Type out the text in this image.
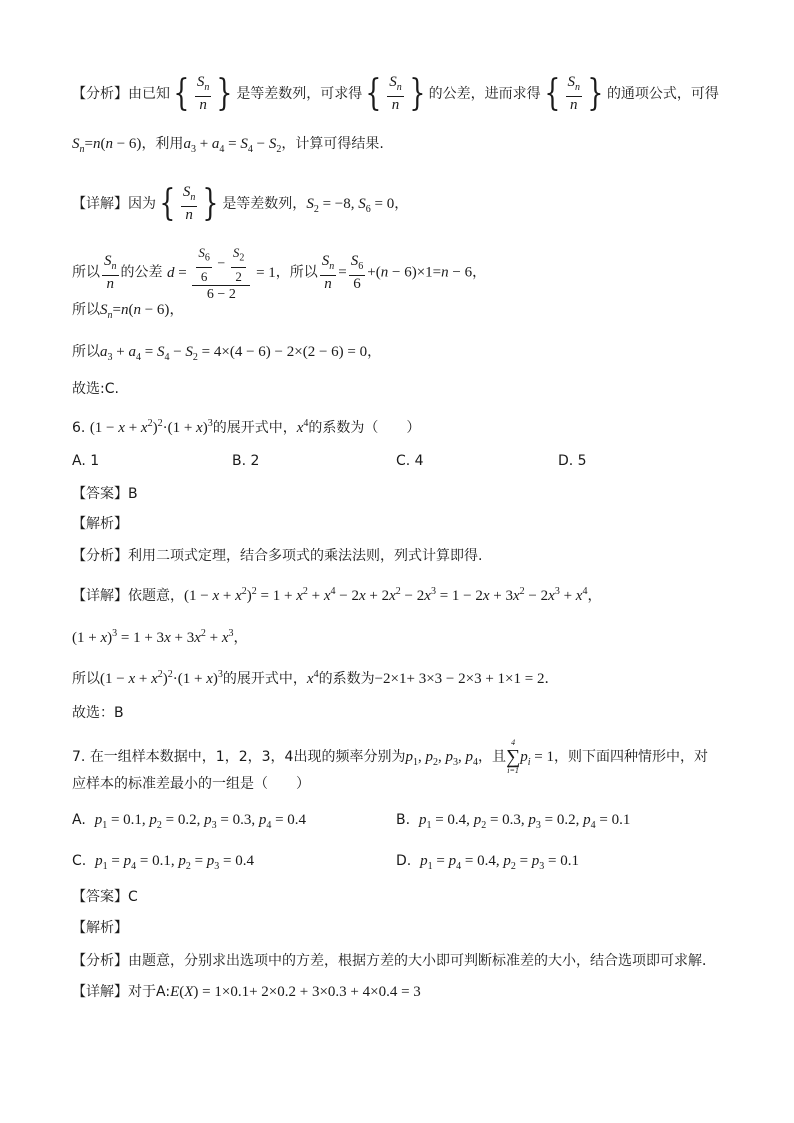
【分析】由已知 { $\frac{S_n}{n}$ } 是等差数列，可求得 { $\frac{S_n}{n}$ } 的公差，进而求得 { $\frac{S_n}{n}$ } 的通项公式，可得
$S_n=n(n - 6)$，利用$a_3 + a_4 = S_4 - S_2$，计算可得结果.
【详解】因为 { $\frac{S_n}{n}$ } 是等差数列，$S_2 = -8$, $S_6 = 0$，
所以 $\frac{S_n}{n}$ 的公差 $d = \frac{\frac{S_6}{6} - \frac{S_2}{2}}{6 - 2} = 1$，所以 $\frac{S_n}{n} = \frac{S_6}{6} +(n - 6)\times 1=n - 6$，
所以$S_n=n(n - 6)$，
所以$a_3 + a_4 = S_4 - S_2 = 4\times(4 - 6) - 2\times(2 - 6) = 0$，
故选:C.
6. $(1 - x + x^2)^2\cdot(1 + x)^3$的展开式中，$x^4$的系数为（　　）
A. 1	B. 2	C. 4	D. 5
【答案】B
【解析】
【分析】利用二项式定理，结合多项式的乘法法则，列式计算即得.
【详解】依题意，$(1 - x + x^2)^2 = 1 + x^2 + x^4 - 2x + 2x^2 - 2x^3 = 1 - 2x + 3x^2 - 2x^3 + x^4$，
$(1 + x)^3 = 1 + 3x + 3x^2 + x^3$，
所以$(1 - x + x^2)^2\cdot(1 + x)^3$的展开式中，$x^4$的系数为−2×1+ 3×3 − 2×3 + 1×1 = 2．
故选：B
7. 在一组样本数据中，1，2，3，4出现的频率分别为$p_1$, $p_2$, $p_3$, $p_4$，且
4
∑
i=1
$p_i = 1$，则下面四种情形中，对
应样本的标准差最小的一组是（　　）
A. $p_1 = 0.1$, $p_2 = 0.2$, $p_3 = 0.3$, $p_4 = 0.4$	B. $p_1 = 0.4$, $p_2 = 0.3$, $p_3 = 0.2$, $p_4 = 0.1$
C. $p_1 = p_4 = 0.1$, $p_2 = p_3 = 0.4$	D. $p_1 = p_4 = 0.4$, $p_2 = p_3 = 0.1$
【答案】C
【解析】
【分析】由题意，分别求出选项中的方差，根据方差的大小即可判断标准差的大小，结合选项即可求解．
【详解】对于A:E(X) = 1×0.1+ 2×0.2 + 3×0.3 + 4×0.4 = 3
